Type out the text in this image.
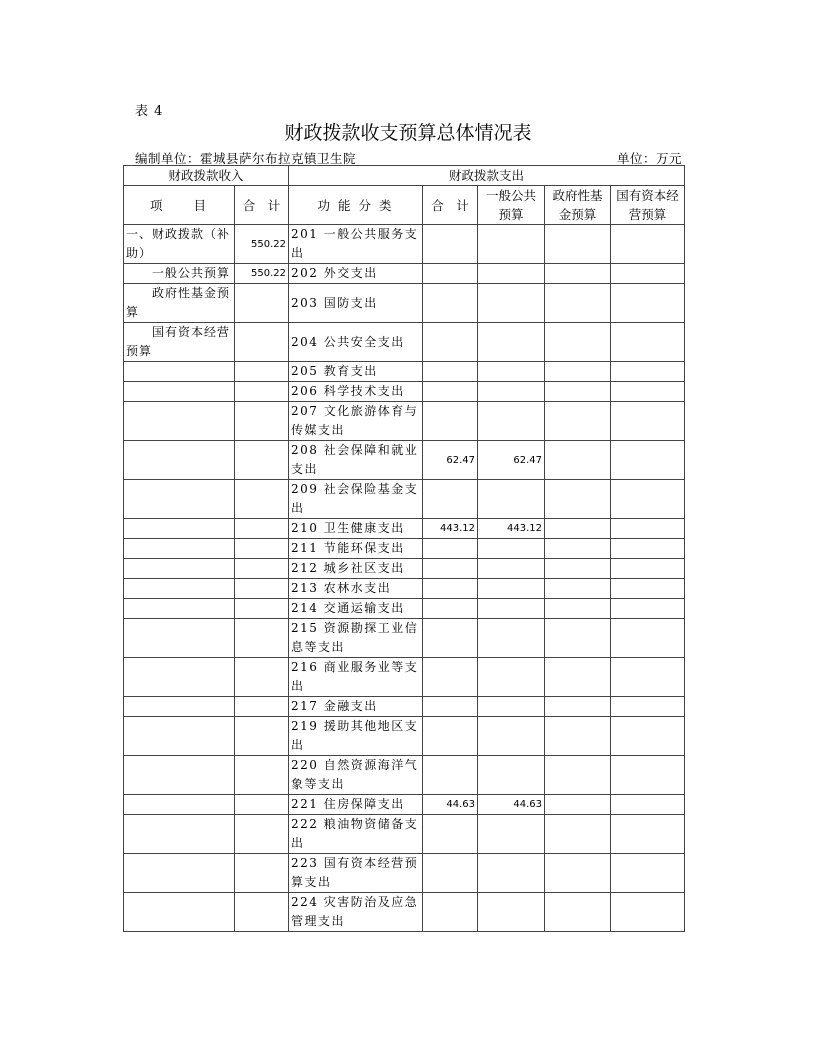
表 4
财政拨款收支预算总体情况表
编制单位：霍城县萨尔布拉克镇卫生院	单位：万元
财政拨款收入		财政拨款支出				
项　　目	合　计	功 能 分 类	合　计	一般公共预算	政府性基金预算	国有资本经营预算
一、财政拨款（补助）	550.22	201 一般公共服务支出				
一般公共预算	550.22	202 外交支出				
政府性基金预算		203 国防支出				
国有资本经营预算		204 公共安全支出				
		205 教育支出				
		206 科学技术支出				
		207 文化旅游体育与传媒支出				
		208 社会保障和就业支出	62.47	62.47		
		209 社会保险基金支出				
		210 卫生健康支出	443.12	443.12		
		211 节能环保支出				
		212 城乡社区支出				
		213 农林水支出				
		214 交通运输支出				
		215 资源勘探工业信息等支出				
		216 商业服务业等支出				
		217 金融支出				
		219 援助其他地区支出				
		220 自然资源海洋气象等支出				
		221 住房保障支出	44.63	44.63		
		222 粮油物资储备支出				
		223 国有资本经营预算支出				
		224 灾害防治及应急管理支出				
